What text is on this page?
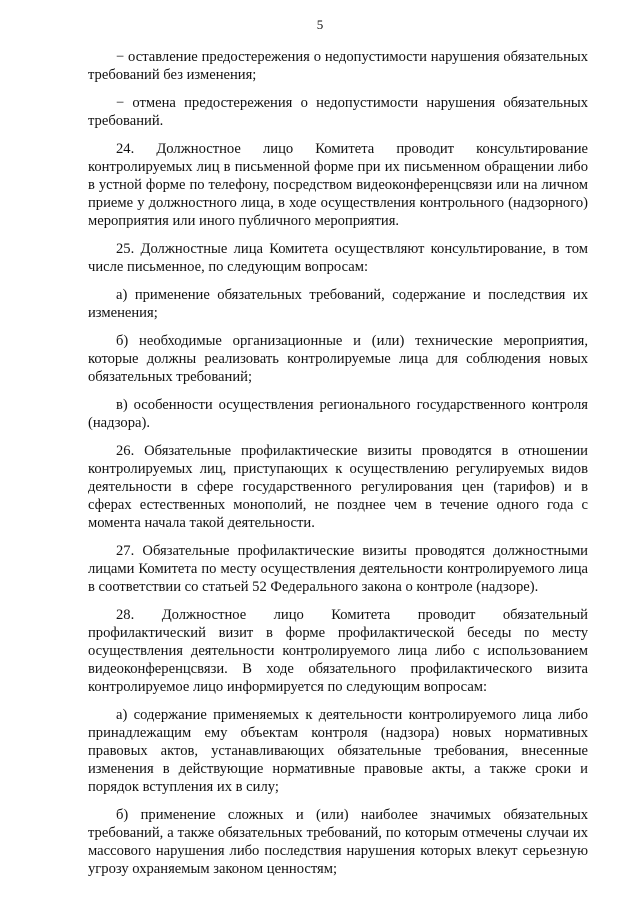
5

− оставление предостережения о недопустимости нарушения обязательных требований без изменения;

− отмена предостережения о недопустимости нарушения обязательных требований.

24. Должностное лицо Комитета проводит консультирование контролируемых лиц в письменной форме при их письменном обращении либо в устной форме по телефону, посредством видеоконференцсвязи или на личном приеме у должностного лица, в ходе осуществления контрольного (надзорного) мероприятия или иного публичного мероприятия.

25. Должностные лица Комитета осуществляют консультирование, в том числе письменное, по следующим вопросам:

а) применение обязательных требований, содержание и последствия их изменения;

б) необходимые организационные и (или) технические мероприятия, которые должны реализовать контролируемые лица для соблюдения новых обязательных требований;

в) особенности осуществления регионального государственного контроля (надзора).

26. Обязательные профилактические визиты проводятся в отношении контролируемых лиц, приступающих к осуществлению регулируемых видов деятельности в сфере государственного регулирования цен (тарифов) и в сферах естественных монополий, не позднее чем в течение одного года с момента начала такой деятельности.

27. Обязательные профилактические визиты проводятся должностными лицами Комитета по месту осуществления деятельности контролируемого лица в соответствии со статьей 52 Федерального закона о контроле (надзоре).

28. Должностное лицо Комитета проводит обязательный профилактический визит в форме профилактической беседы по месту осуществления деятельности контролируемого лица либо с использованием видеоконференцсвязи. В ходе обязательного профилактического визита контролируемое лицо информируется по следующим вопросам:

а) содержание применяемых к деятельности контролируемого лица либо принадлежащим ему объектам контроля (надзора) новых нормативных правовых актов, устанавливающих обязательные требования, внесенные изменения в действующие нормативные правовые акты, а также сроки и порядок вступления их в силу;

б) применение сложных и (или) наиболее значимых обязательных требований, а также обязательных требований, по которым отмечены случаи их массового нарушения либо последствия нарушения которых влекут серьезную угрозу охраняемым законом ценностям;
